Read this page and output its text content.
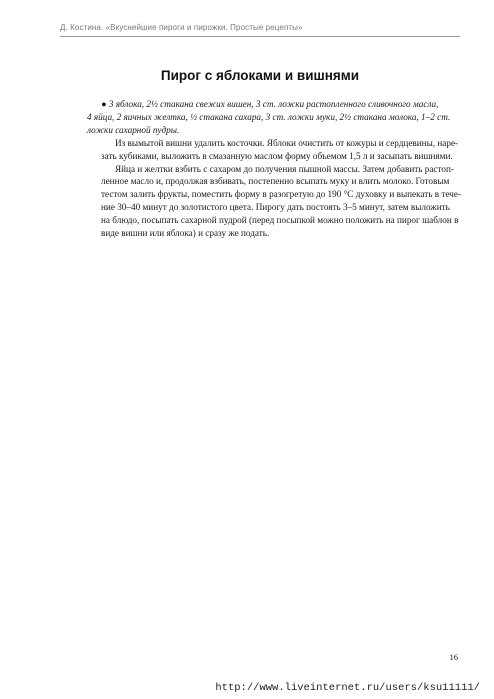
Д. Костина. «Вкуснейшие пироги и пирожки. Простые рецепты»
Пирог с яблоками и вишнями

● 3 яблока, 2½ стакана свежих вишен, 3 ст. ложки растопленного сливочного масла,
4 яйца, 2 яичных желтка, ½ стакана сахара, 3 ст. ложки муки, 2½ стакана молока, 1–2 ст.
ложки сахарной пудры.

Из вымытой вишни удалить косточки. Яблоки очистить от кожуры и сердцевины, наре-
зать кубиками, выложить в смазанную маслом форму объемом 1,5 л и засыпать вишнями.

Яйца и желтки взбить с сахаром до получения пышной массы. Затем добавить растоп-
ленное масло и, продолжая взбивать, постепенно всыпать муку и влить молоко. Готовым
тестом залить фрукты, поместить форму в разогретую до 190 °С духовку и выпекать в тече-
ние 30–40 минут до золотистого цвета. Пирогу дать постоять 3–5 минут, затем выложить
на блюдо, посыпать сахарной пудрой (перед посыпкой можно положить на пирог шаблон в
виде вишни или яблока) и сразу же подать.

16
http://www.liveinternet.ru/users/ksu11111/
